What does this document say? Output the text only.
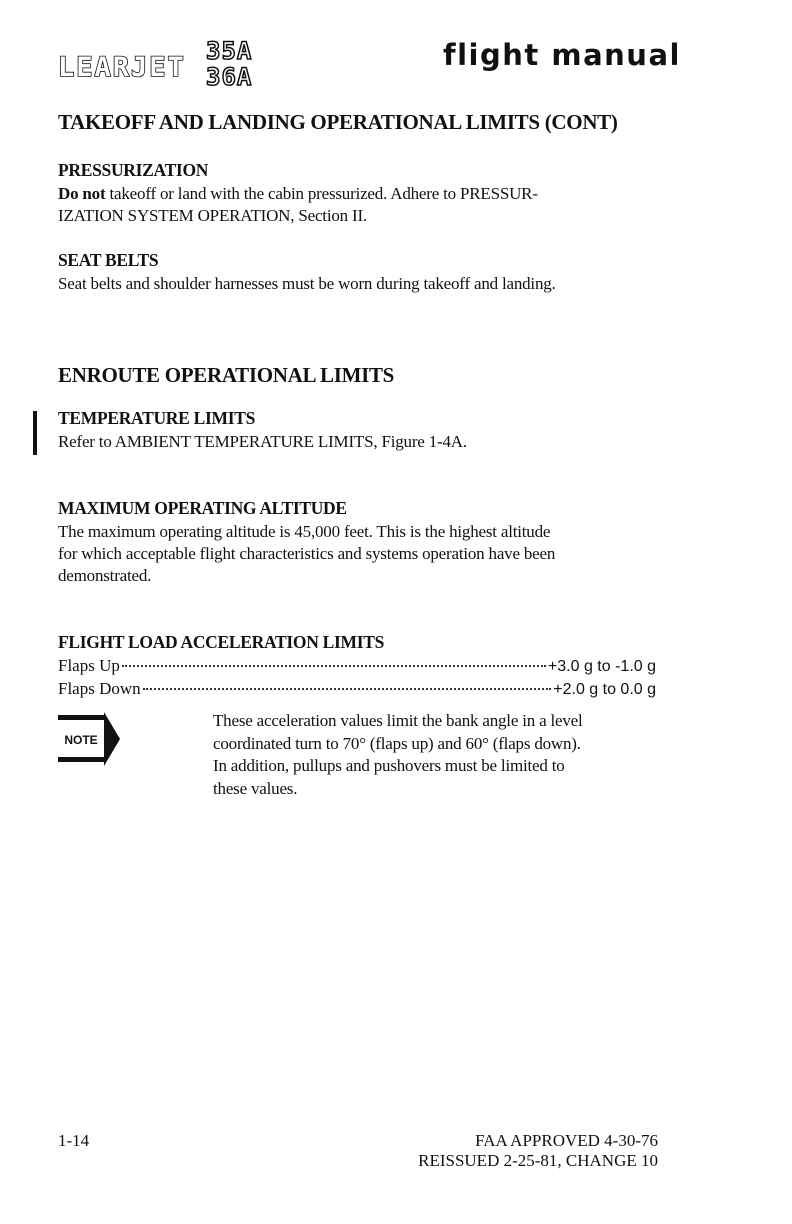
LEARJET
35A
36A
flight manual
TAKEOFF AND LANDING OPERATIONAL LIMITS (CONT)
PRESSURIZATION
Do not takeoff or land with the cabin pressurized. Adhere to PRESSUR-
IZATION SYSTEM OPERATION, Section II.
SEAT BELTS
Seat belts and shoulder harnesses must be worn during takeoff and landing.
ENROUTE OPERATIONAL LIMITS
TEMPERATURE LIMITS
Refer to AMBIENT TEMPERATURE LIMITS, Figure 1-4A.
MAXIMUM OPERATING ALTITUDE
The maximum operating altitude is 45,000 feet. This is the highest altitude
for which acceptable flight characteristics and systems operation have been
demonstrated.
FLIGHT LOAD ACCELERATION LIMITS
Flaps Up	+3.0 g to -1.0 g
Flaps Down	+2.0 g to 0.0 g
NOTE
These acceleration values limit the bank angle in a level
coordinated turn to 70° (flaps up) and 60° (flaps down).
In addition, pullups and pushovers must be limited to
these values.
1-14	FAA APPROVED 4-30-76
REISSUED 2-25-81, CHANGE 10
